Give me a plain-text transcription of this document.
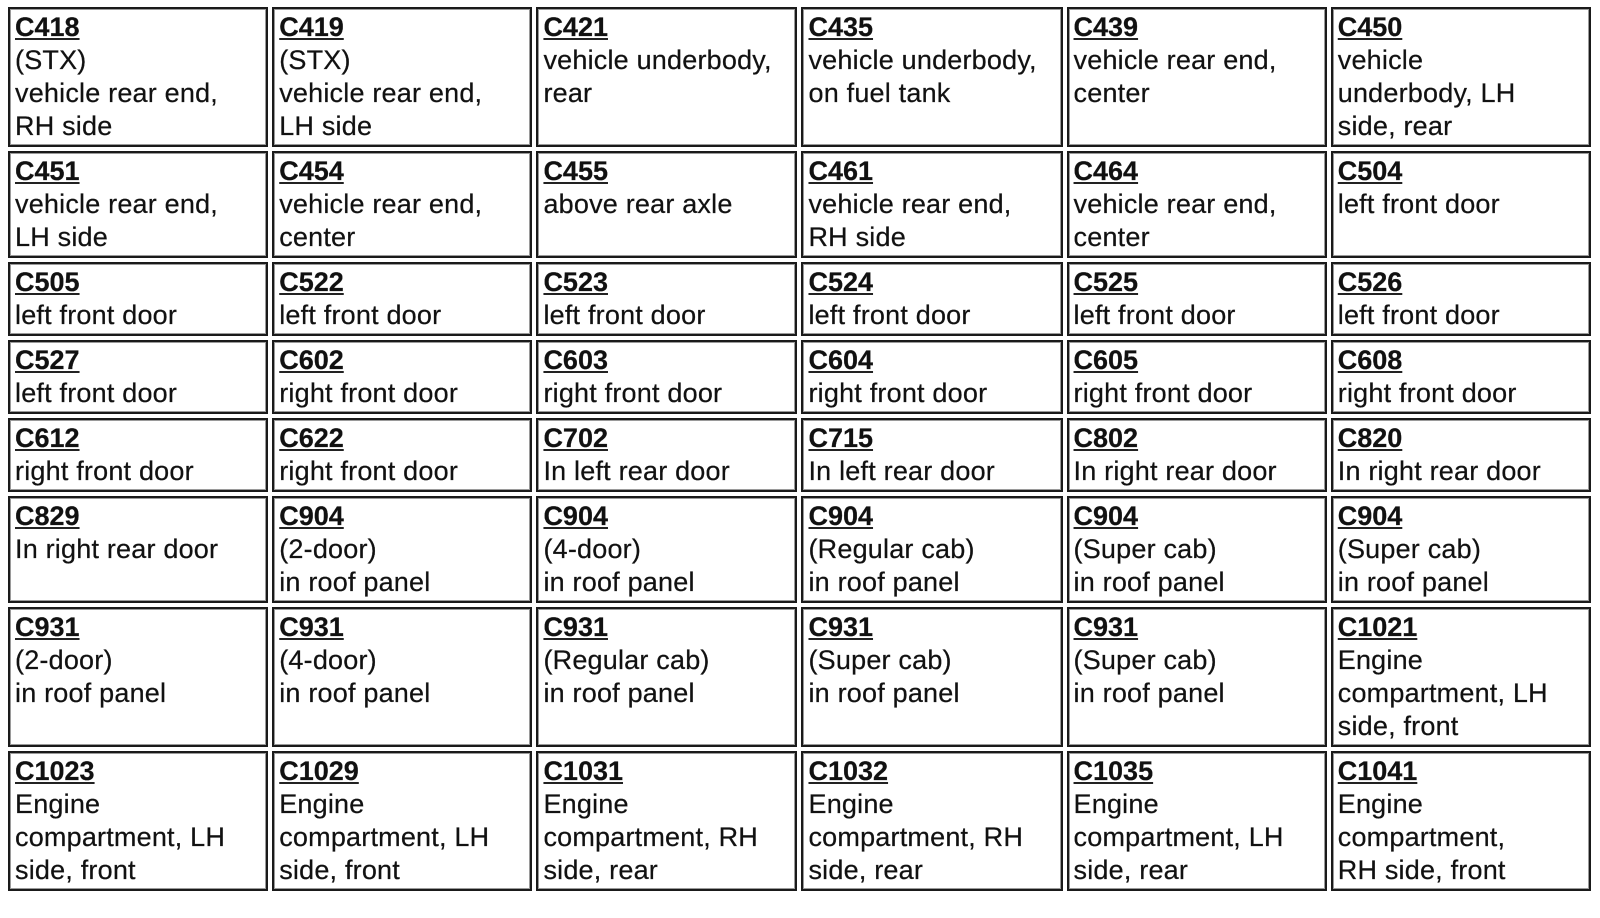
C418
(STX)
vehicle rear end,
RH side	C419
(STX)
vehicle rear end,
LH side	C421
vehicle underbody,
rear	C435
vehicle underbody,
on fuel tank	C439
vehicle rear end,
center	C450
vehicle
underbody, LH
side, rear

C451
vehicle rear end,
LH side	C454
vehicle rear end,
center	C455
above rear axle	C461
vehicle rear end,
RH side	C464
vehicle rear end,
center	C504
left front door

C505
left front door	C522
left front door	C523
left front door	C524
left front door	C525
left front door	C526
left front door

C527
left front door	C602
right front door	C603
right front door	C604
right front door	C605
right front door	C608
right front door

C612
right front door	C622
right front door	C702
In left rear door	C715
In left rear door	C802
In right rear door	C820
In right rear door

C829
In right rear door	C904
(2-door)
in roof panel	C904
(4-door)
in roof panel	C904
(Regular cab)
in roof panel	C904
(Super cab)
in roof panel	C904
(Super cab)
in roof panel

C931
(2-door)
in roof panel	C931
(4-door)
in roof panel	C931
(Regular cab)
in roof panel	C931
(Super cab)
in roof panel	C931
(Super cab)
in roof panel	C1021
Engine
compartment, LH
side, front

C1023
Engine
compartment, LH
side, front	C1029
Engine
compartment, LH
side, front	C1031
Engine
compartment, RH
side, rear	C1032
Engine
compartment, RH
side, rear	C1035
Engine
compartment, LH
side, rear	C1041
Engine
compartment,
RH side, front
